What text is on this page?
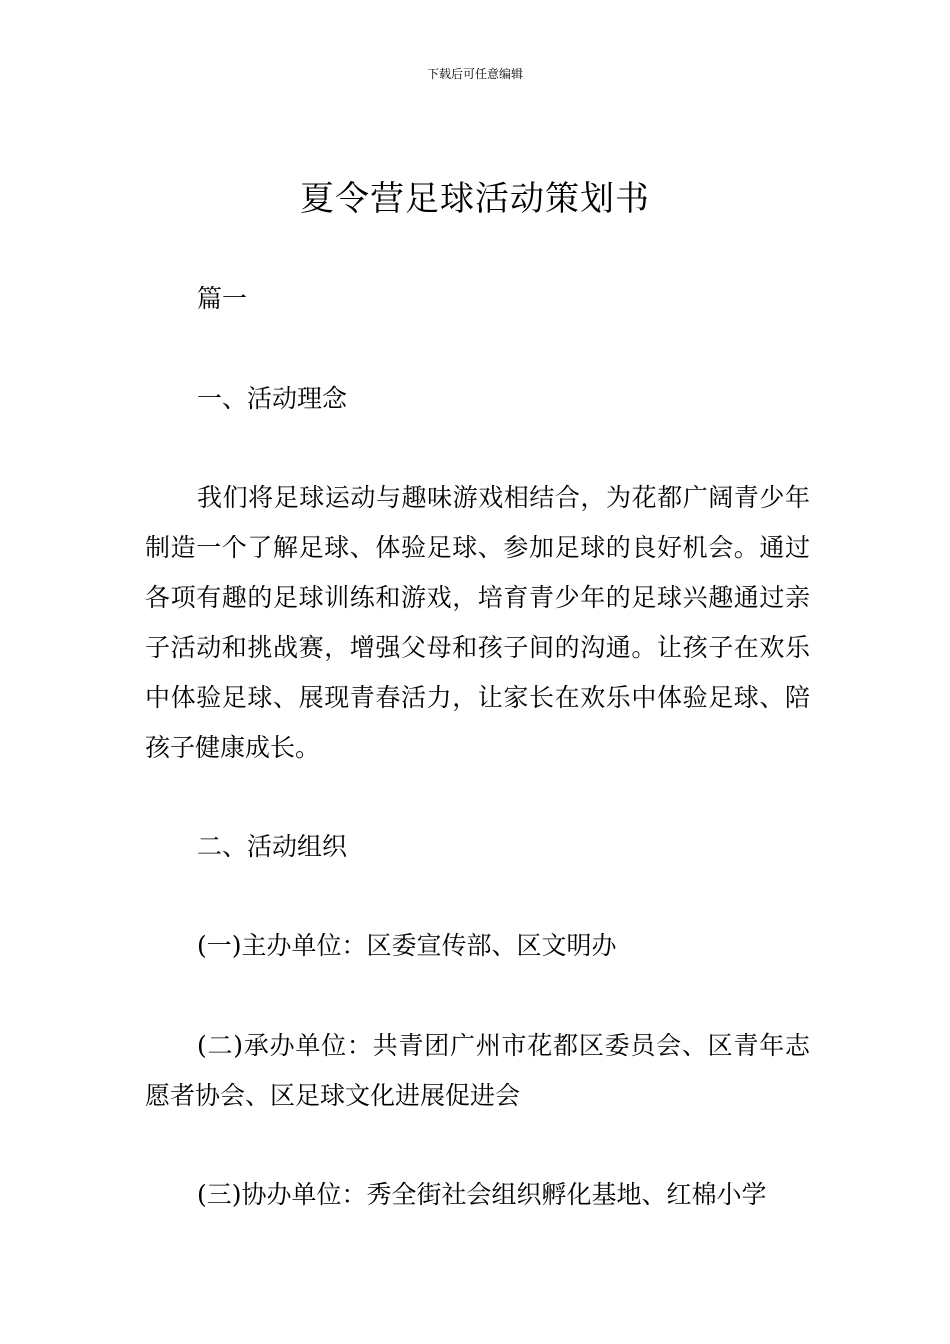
下载后可任意编辑
夏令营足球活动策划书

篇一

一、活动理念

我们将足球运动与趣味游戏相结合，为花都广阔青少年制造一个了解足球、体验足球、参加足球的良好机会。通过各项有趣的足球训练和游戏，培育青少年的足球兴趣通过亲子活动和挑战赛，增强父母和孩子间的沟通。让孩子在欢乐中体验足球、展现青春活力，让家长在欢乐中体验足球、陪孩子健康成长。

二、活动组织

(一)主办单位：区委宣传部、区文明办

(二)承办单位：共青团广州市花都区委员会、区青年志愿者协会、区足球文化进展促进会

(三)协办单位：秀全街社会组织孵化基地、红棉小学
